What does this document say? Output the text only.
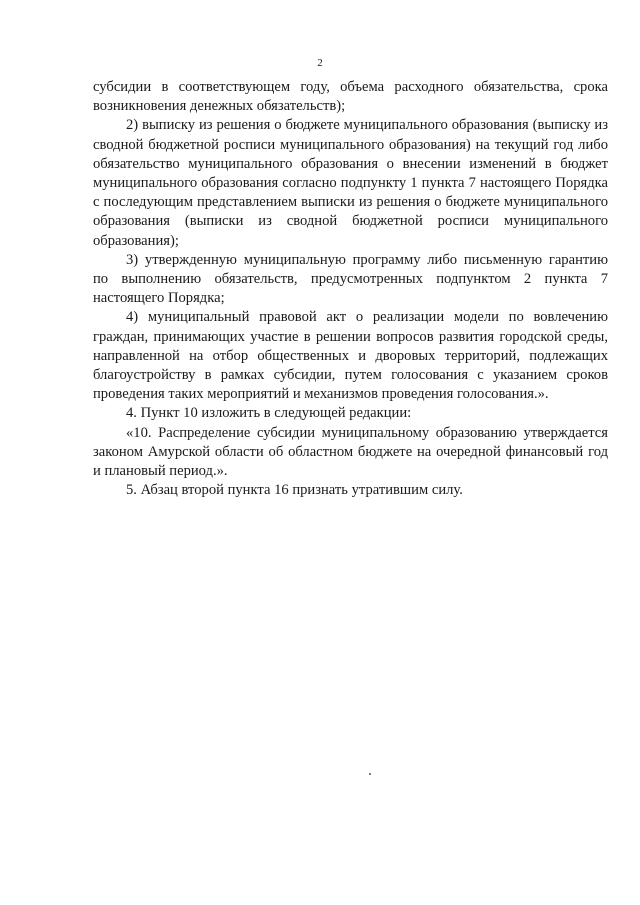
2

субсидии в соответствующем году, объема расходного обязательства, срока возникновения денежных обязательств);

2) выписку из решения о бюджете муниципального образования (выписку из сводной бюджетной росписи муниципального образования) на текущий год либо обязательство муниципального образования о внесении изменений в бюджет муниципального образования согласно подпункту 1 пункта 7 настоящего Порядка с последующим представлением выписки из решения о бюджете муниципального образования (выписки из сводной бюджетной росписи муниципального образования);

3) утвержденную муниципальную программу либо письменную гарантию по выполнению обязательств, предусмотренных подпунктом 2 пункта 7 настоящего Порядка;

4) муниципальный правовой акт о реализации модели по вовлечению граждан, принимающих участие в решении вопросов развития городской среды, направленной на отбор общественных и дворовых территорий, подлежащих благоустройству в рамках субсидии, путем голосования с указанием сроков проведения таких мероприятий и механизмов проведения голосования.».

4. Пункт 10 изложить в следующей редакции:

«10. Распределение субсидии муниципальному образованию утверждается законом Амурской области об областном бюджете на очередной финансовый год и плановый период.».

5. Абзац второй пункта 16 признать утратившим силу.
